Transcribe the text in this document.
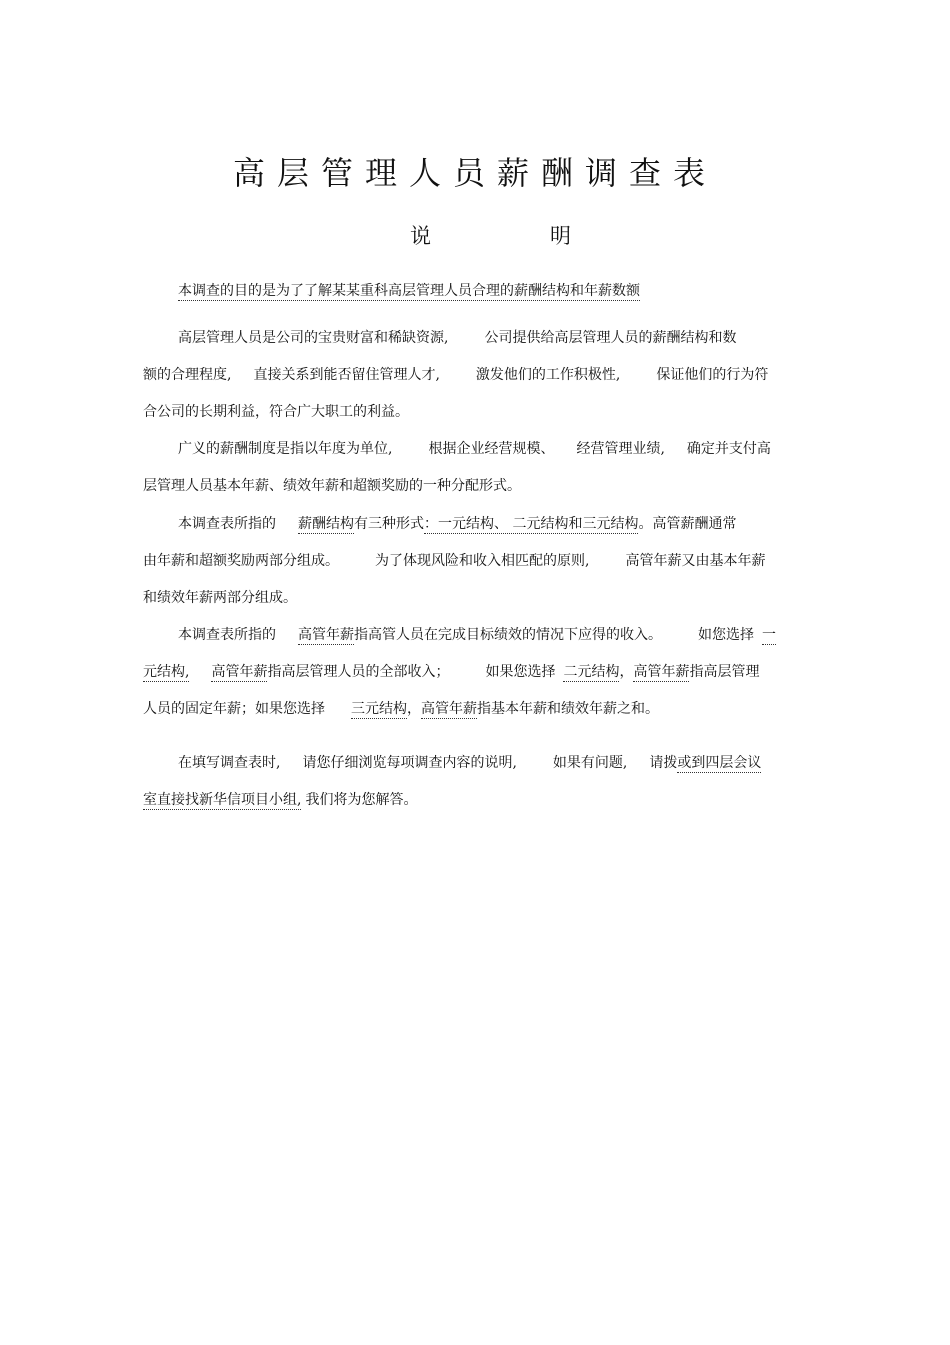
高层管理人员薪酬调查表
说	明
本调查的目的是为了了解某某重科高层管理人员合理的薪酬结构和年薪数额
高层管理人员是公司的宝贵财富和稀缺资源,	公司提供给高层管理人员的薪酬结构和数
额的合理程度, 直接关系到能否留住管理人才,	激发他们的工作积极性,	保证他们的行为符
合公司的长期利益，符合广大职工的利益。
广义的薪酬制度是指以年度为单位,	根据企业经营规模、 经营管理业绩, 确定并支付高
层管理人员基本年薪、绩效年薪和超额奖励的一种分配形式。
本调查表所指的 薪酬结构有三种形式：一元结构、 二元结构和三元结构。高管薪酬通常
由年薪和超额奖励两部分组成。	为了体现风险和收入相匹配的原则,	高管年薪又由基本年薪
和绩效年薪两部分组成。
本调查表所指的 高管年薪指高管人员在完成目标绩效的情况下应得的收入。	如您选择 一
元结构, 高管年薪指高层管理人员的全部收入；	如果您选择 二元结构，高管年薪指高层管理
人员的固定年薪；如果您选择 三元结构，高管年薪指基本年薪和绩效年薪之和。
在填写调查表时, 请您仔细浏览每项调查内容的说明,	如果有问题, 请拨或到四层会议
室直接找新华信项目小组, 我们将为您解答。
